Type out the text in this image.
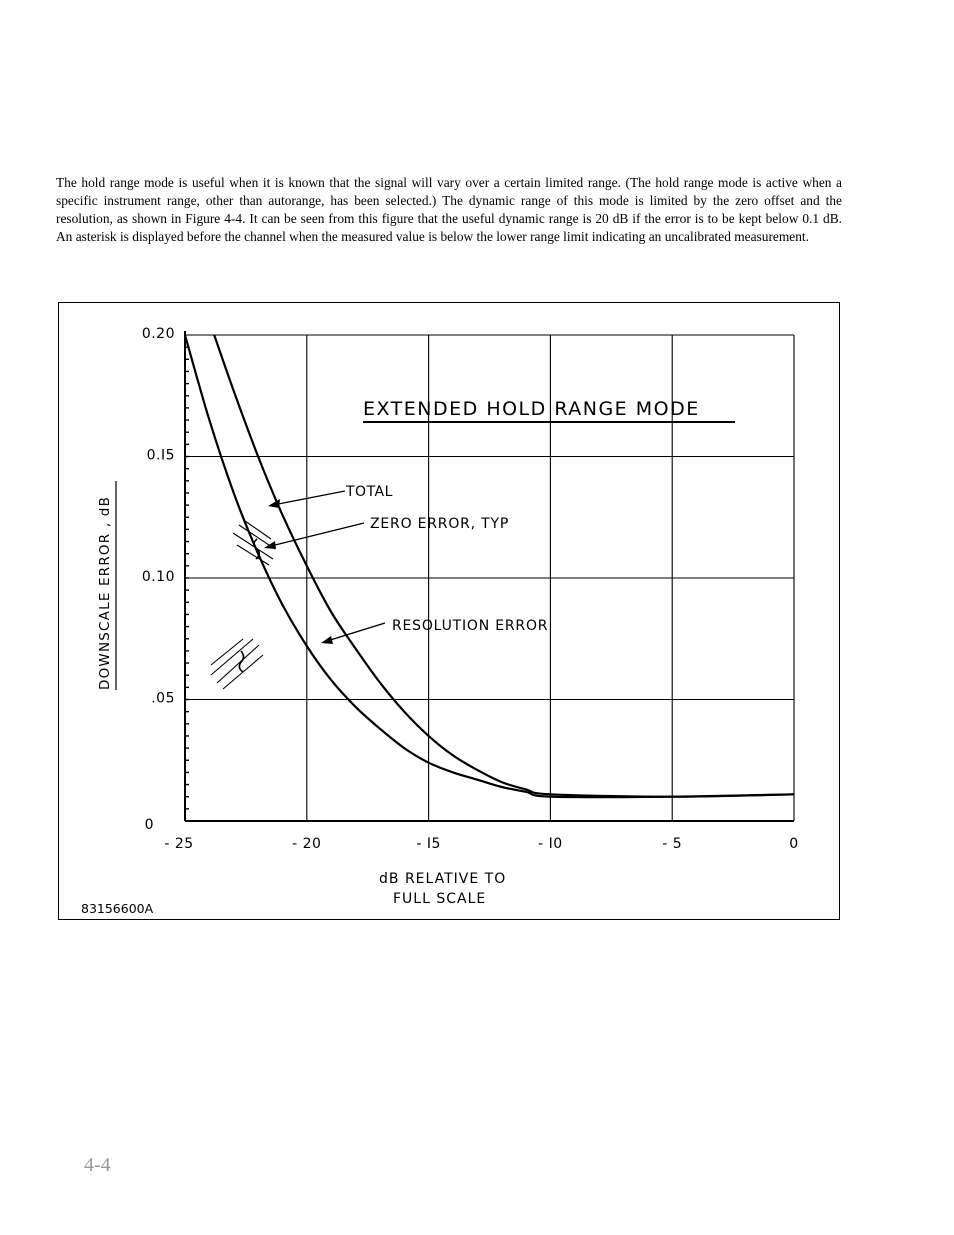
The hold range mode is useful when it is known that the signal will vary over a certain limited range. (The hold range mode is active when a specific instrument range, other than autorange, has been selected.) The dynamic range of this mode is limited by the zero offset and the resolution, as shown in Figure 4-4. It can be seen from this figure that the useful dynamic range is 20 dB if the error is to be kept below 0.1 dB. An asterisk is displayed before the channel when the measured value is below the lower range limit indicating an uncalibrated measurement.
- 25	- 20	- I5	- I0	- 5	0
0
.05
0.10
0.I5
0.20
EXTENDED HOLD RANGE MODE
DOWNSCALE ERROR , dB
dB RELATIVE TO
FULL SCALE
83156600A
TOTAL
ZERO ERROR, TYP
RESOLUTION ERROR
4-4
